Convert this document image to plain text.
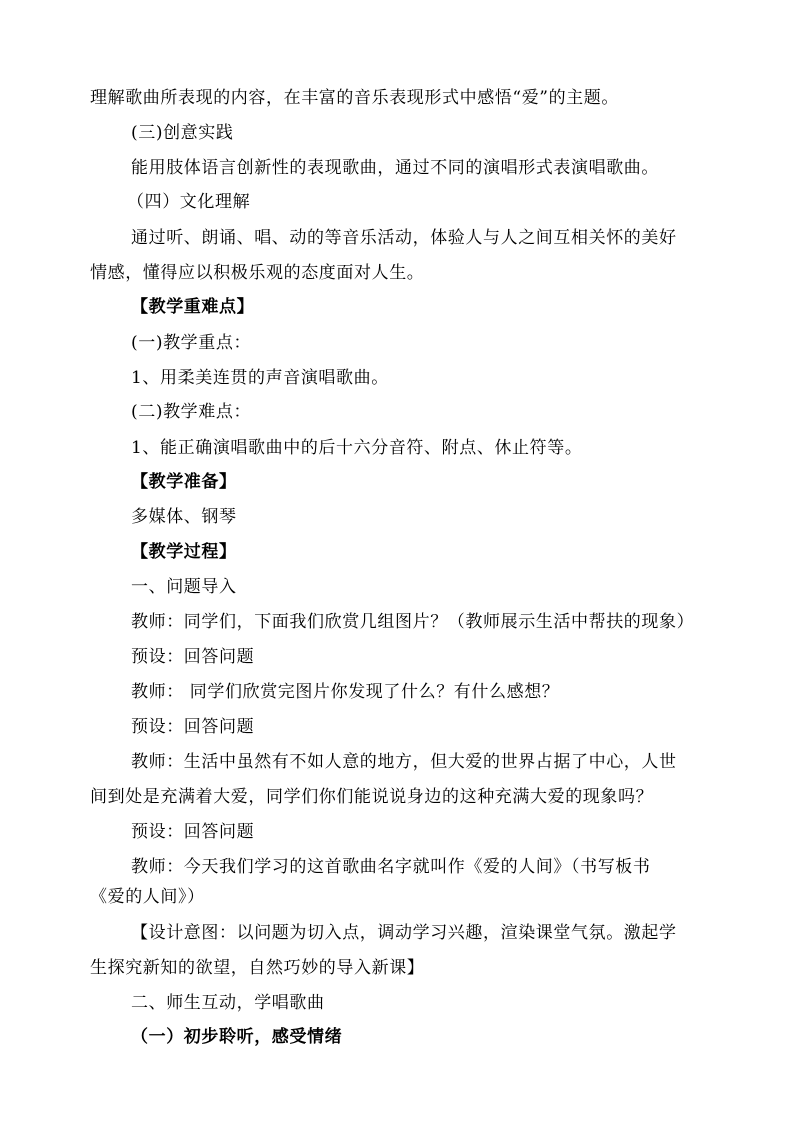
理解歌曲所表现的内容，在丰富的音乐表现形式中感悟“爱”的主题。
(三)创意实践
能用肢体语言创新性的表现歌曲，通过不同的演唱形式表演唱歌曲。
（四）文化理解
通过听、朗诵、唱、动的等音乐活动，体验人与人之间互相关怀的美好
情感，懂得应以积极乐观的态度面对人生。
【教学重难点】
(一)教学重点：
1、用柔美连贯的声音演唱歌曲。
(二)教学难点：
1、能正确演唱歌曲中的后十六分音符、附点、休止符等。
【教学准备】
多媒体、钢琴
【教学过程】
一、问题导入
教师：同学们，下面我们欣赏几组图片？（教师展示生活中帮扶的现象）
预设：回答问题
教师： 同学们欣赏完图片你发现了什么？有什么感想？
预设：回答问题
教师：生活中虽然有不如人意的地方，但大爱的世界占据了中心，人世
间到处是充满着大爱，同学们你们能说说身边的这种充满大爱的现象吗？
预设：回答问题
教师：今天我们学习的这首歌曲名字就叫作《爱的人间》（书写板书
《爱的人间》）
【设计意图：以问题为切入点，调动学习兴趣，渲染课堂气氛。激起学
生探究新知的欲望，自然巧妙的导入新课】
二、师生互动，学唱歌曲
（一）初步聆听，感受情绪
